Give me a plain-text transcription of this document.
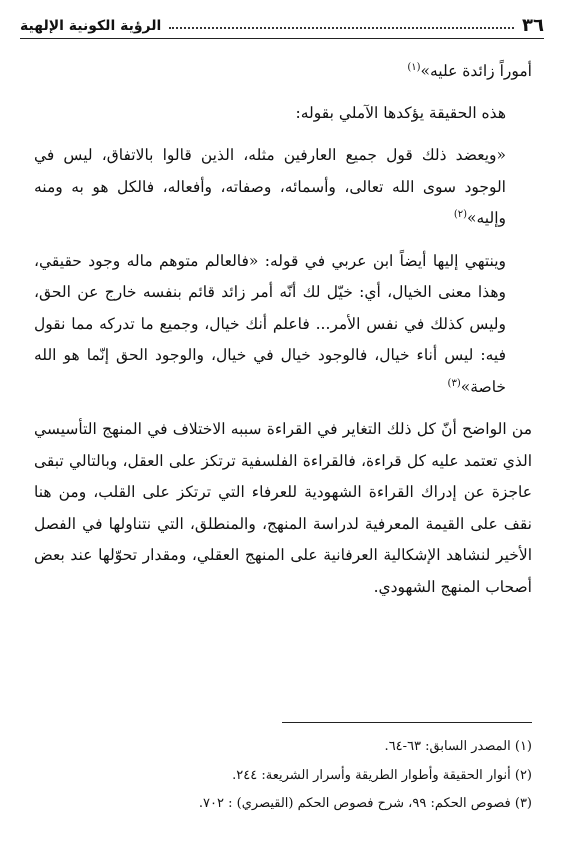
٣٦
الرؤية الكونية الإلهية

أموراً زائدة عليه»$^{(١)}$

هذه الحقيقة يؤكدها الآملي بقوله:

«ويعضد ذلك قول جميع العارفين مثله، الذين قالوا بالاتفاق، ليس في الوجود سوى الله تعالى، وأسمائه، وصفاته، وأفعاله، فالكل هو به ومنه وإليه»$^{(٢)}$

وينتهي إليها أيضاً ابن عربي في قوله: «فالعالم متوهم ماله وجود حقيقي، وهذا معنى الخيال، أي: خيّل لك أنّه أمر زائد قائم بنفسه خارج عن الحق، وليس كذلك في نفس الأمر... فاعلم أنك خيال، وجميع ما تدركه مما نقول فيه: ليس أناء خيال، فالوجود خيال في خيال، والوجود الحق إنّما هو الله خاصة»$^{(٣)}$

من الواضح أنّ كل ذلك التغاير في القراءة سببه الاختلاف في المنهج التأسيسي الذي تعتمد عليه كل قراءة، فالقراءة الفلسفية ترتكز على العقل، وبالتالي تبقى عاجزة عن إدراك القراءة الشهودية للعرفاء التي ترتكز على القلب، ومن هنا نقف على القيمة المعرفية لدراسة المنهج، والمنطلق، التي نتناولها في الفصل الأخير لنشاهد الإشكالية العرفانية على المنهج العقلي، ومقدار تحوّلها عند بعض أصحاب المنهج الشهودي.

(١) المصدر السابق: ٦٣-٦٤.
(٢) أنوار الحقيقة وأطوار الطريقة وأسرار الشريعة: ٢٤٤.
(٣) فصوص الحكم: ٩٩، شرح فصوص الحكم (القيصري) : ٧٠٢.
